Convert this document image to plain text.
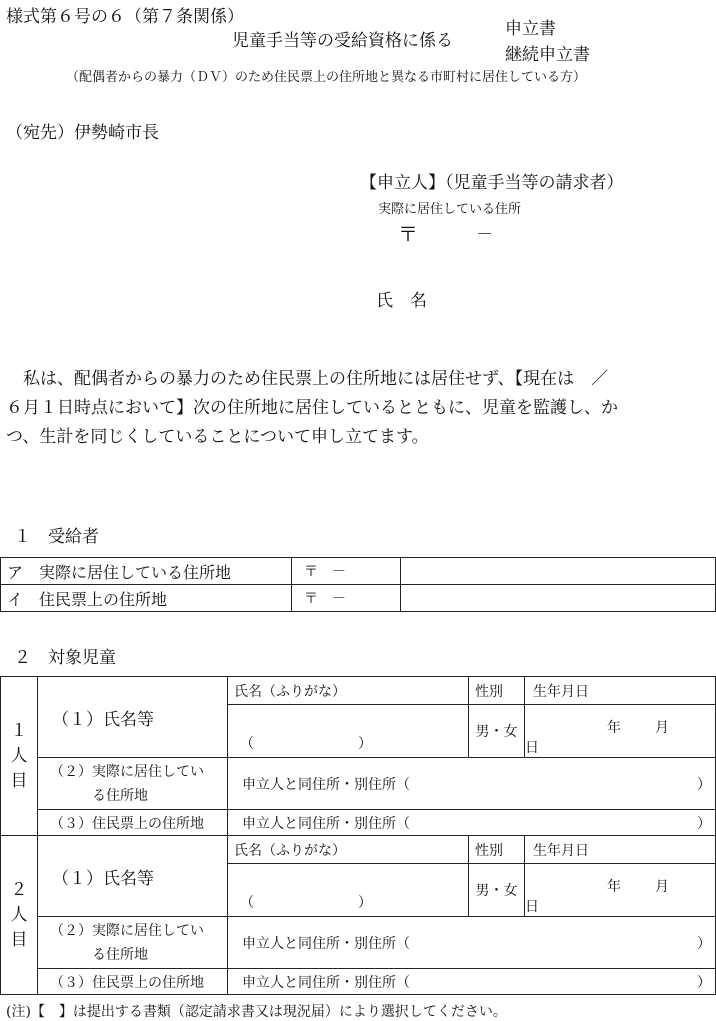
様式第６号の６（第７条関係）
児童手当等の受給資格に係る
申立書
継続申立書
（配偶者からの暴力（ＤＶ）のため住民票上の住所地と異なる市町村に居住している方）
（宛先）伊勢崎市長
【申立人】（児童手当等の請求者）
実際に居住している住所
〒	－
氏　名
　私は、配偶者からの暴力のため住民票上の住所地には居住せず、【現在は　／
６月１日時点において】次の住所地に居住しているとともに、児童を監護し、か
つ、生計を同じくしていることについて申し立てます。
１　受給者
ア　実際に居住している住所地	〒　－	
イ　住民票上の住所地	〒　－	
２　対象児童
１
人
目	（１）氏名等	氏名（ふりがな）	性別	生年月日
		（ ）	男・女	年 月日
	（２）実際に居住してい
る住所地	申立人と同住所・別住所（ ）		

	（３）住民票上の住所地	申立人と同住所・別住所（ ）		

２
人
目	（１）氏名等	氏名（ふりがな）	性別	生年月日
		（ ）	男・女	年 月日
	（２）実際に居住してい
る住所地	申立人と同住所・別住所（ ）		

	（３）住民票上の住所地	申立人と同住所・別住所（ ）		
(注)【　】は提出する書類（認定請求書又は現況届）により選択してください。
